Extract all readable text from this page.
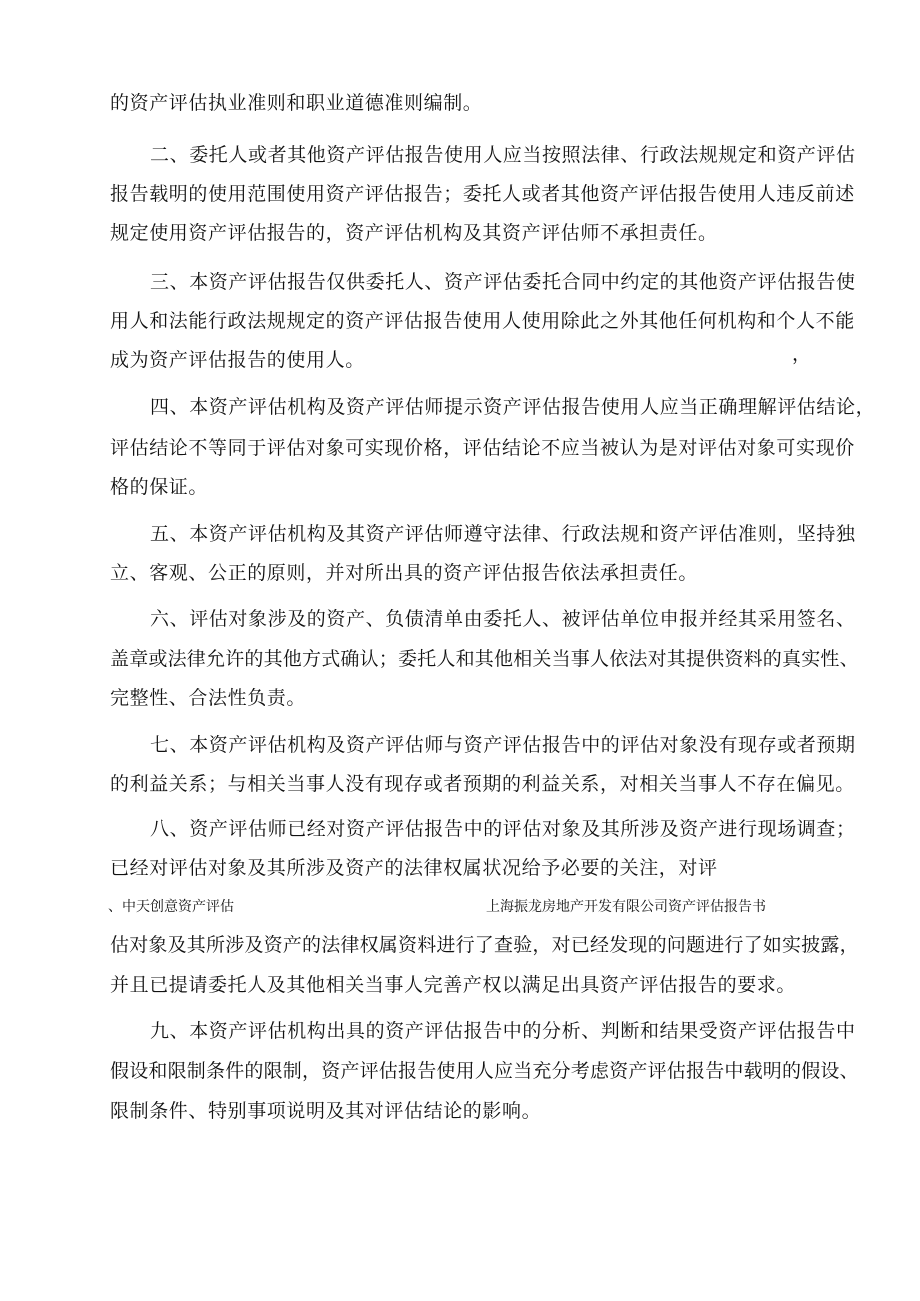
的资产评估执业准则和职业道德准则编制。
二、委托人或者其他资产评估报告使用人应当按照法律、行政法规规定和资产评估
报告载明的使用范围使用资产评估报告；委托人或者其他资产评估报告使用人违反前述
规定使用资产评估报告的，资产评估机构及其资产评估师不承担责任。
三、本资产评估报告仅供委托人、资产评估委托合同中约定的其他资产评估报告使
用人和法能行政法规规定的资产评估报告使用人使用除此之外其他任何机构和个人不能
成为资产评估报告的使用人。	，
四、本资产评估机构及资产评估师提示资产评估报告使用人应当正确理解评估结论，
评估结论不等同于评估对象可实现价格，评估结论不应当被认为是对评估对象可实现价
格的保证。
五、本资产评估机构及其资产评估师遵守法律、行政法规和资产评估准则，坚持独
立、客观、公正的原则，并对所出具的资产评估报告依法承担责任。
六、评估对象涉及的资产、负债清单由委托人、被评估单位申报并经其采用签名、
盖章或法律允许的其他方式确认；委托人和其他相关当事人依法对其提供资料的真实性、
完整性、合法性负责。
七、本资产评估机构及资产评估师与资产评估报告中的评估对象没有现存或者预期
的利益关系；与相关当事人没有现存或者预期的利益关系，对相关当事人不存在偏见。
八、资产评估师已经对资产评估报告中的评估对象及其所涉及资产进行现场调查；
已经对评估对象及其所涉及资产的法律权属状况给予必要的关注，对评
、中天创意资产评估	上海振龙房地产开发有限公司资产评估报告书
估对象及其所涉及资产的法律权属资料进行了查验，对已经发现的问题进行了如实披露，
并且已提请委托人及其他相关当事人完善产权以满足出具资产评估报告的要求。
九、本资产评估机构出具的资产评估报告中的分析、判断和结果受资产评估报告中
假设和限制条件的限制，资产评估报告使用人应当充分考虑资产评估报告中载明的假设、
限制条件、特别事项说明及其对评估结论的影响。
